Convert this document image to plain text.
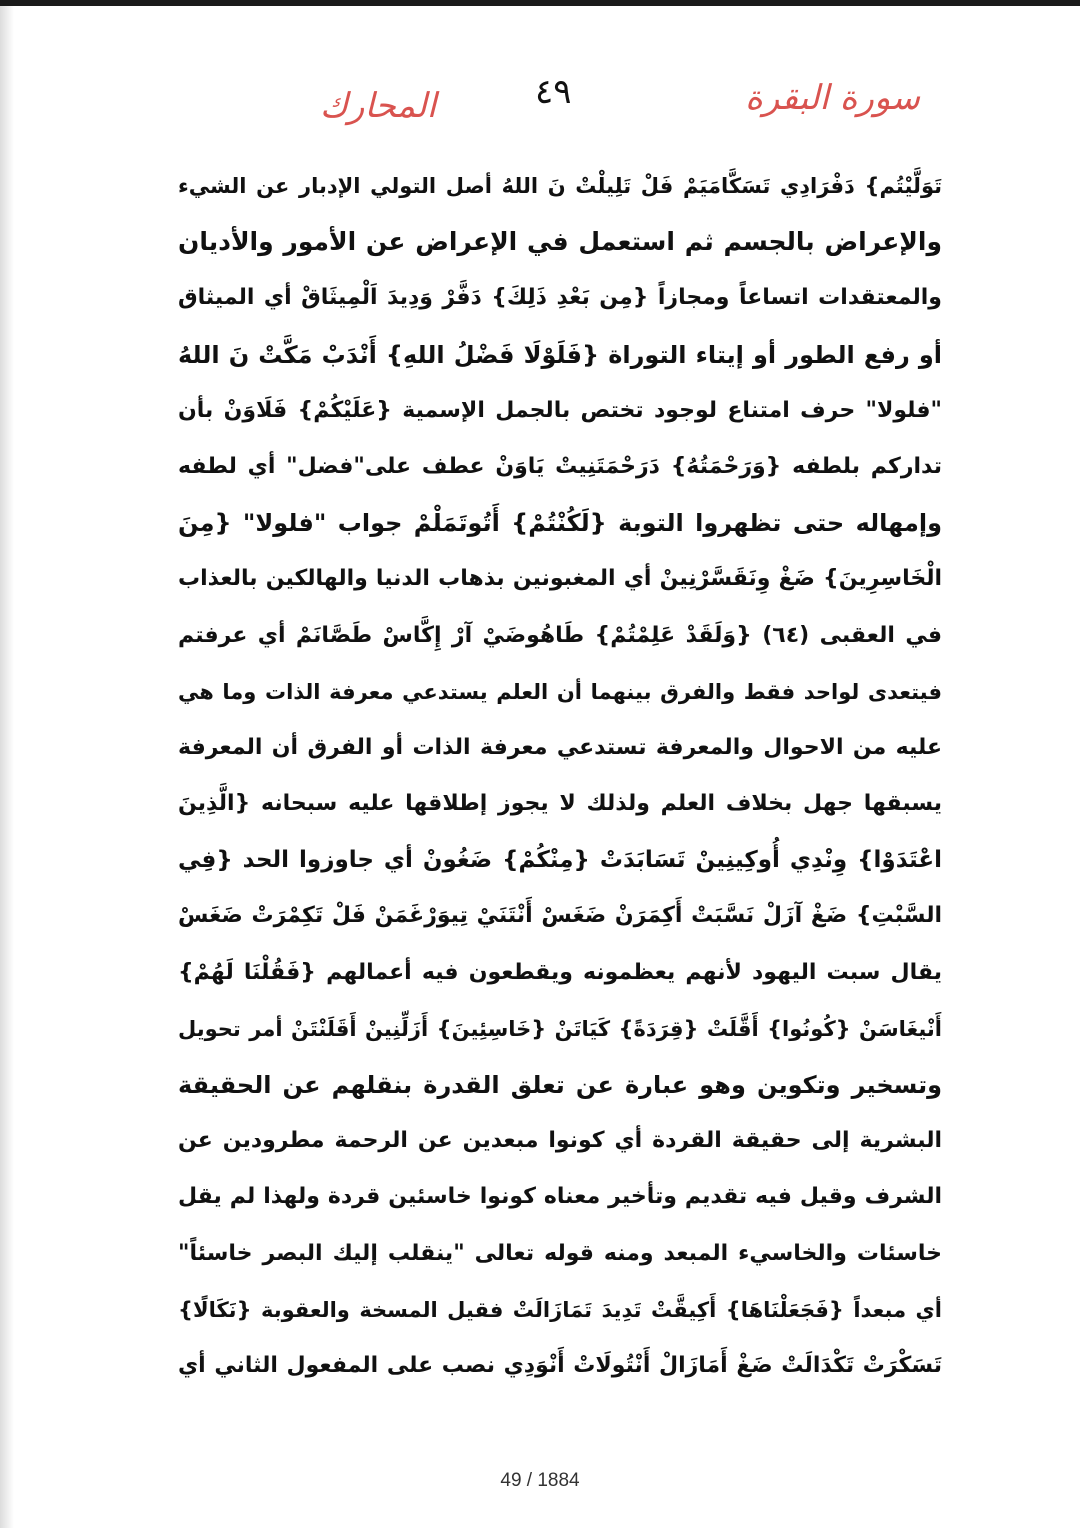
سورة البقرة
٤٩
المحارك
تَوَلَّيْتُم} دَفْرَادِي تَسَكَّامَيَمْ فَلْ تَلِيلْتْ نَ اللهُ أصل التولي الإدبار عن الشيء
والإعراض بالجسم ثم استعمل في الإعراض عن الأمور والأديان
والمعتقدات اتساعاً ومجازاً {مِن بَعْدِ ذَلِكَ} دَفَّرْ وَدِيدَ اَلْمِيثَاقْ أي الميثاق
أو رفع الطور أو إيتاء التوراة {فَلَوْلَا فَضْلُ اللهِ} أَنْدَبْ مَكَّتْ نَ اللهُ
"فلولا" حرف امتناع لوجود تختص بالجمل الإسمية {عَلَيْكُمْ} فَلَاوَنْ بأن
تداركم بلطفه {وَرَحْمَتُهُ} دَرَحْمَتَنِيتْ يَاوَنْ عطف على"فضل" أي لطفه
وإمهاله حتى تظهروا التوبة {لَكُنْتُمْ} أَتُوتَمَلْمْ جواب "فلولا" {مِنَ
الْخَاسِرِينَ} ضَغْ وِنَقَسَّرْنِينْ أي المغبونين بذهاب الدنيا والهالكين بالعذاب
في العقبى (٦٤) {وَلَقَدْ عَلِمْتُمْ} طَاهُوضَيْ آرْ إِكَّاسْ طَصَّانَمْ أي عرفتم
فيتعدى لواحد فقط والفرق بينهما أن العلم يستدعي معرفة الذات وما هي
عليه من الاحوال والمعرفة تستدعي معرفة الذات أو الفرق أن المعرفة
يسبقها جهل بخلاف العلم ولذلك لا يجوز إطلاقها عليه سبحانه {الَّذِينَ
اعْتَدَوْا} وِنْدِي أُوكِينِينْ تَسَابَدَتْ {مِنْكُمْ} ضَغُونْ أي جاوزوا الحد {فِي
السَّبْتِ} ضَغْ آزَلْ نَسَّبَتْ أَكِمَرَنْ ضَغَسْ أَنْتَنَيْ تِيوَرْغَمَنْ فَلْ تَكِمْرَتْ ضَغَسْ
يقال سبت اليهود لأنهم يعظمونه ويقطعون فيه أعمالهم {فَقُلْنَا لَهُمْ}
أَنْيغَاسَنْ {كُونُوا} أَقَّلَتْ {قِرَدَةً} كَيَاتَنْ {خَاسِئِينَ} أَزَلِّنِينْ أَقَلَنْتَنْ أمر تحويل
وتسخير وتكوين وهو عبارة عن تعلق القدرة بنقلهم عن الحقيقة
البشرية إلى حقيقة القردة أي كونوا مبعدين عن الرحمة مطرودين عن
الشرف وقيل فيه تقديم وتأخير معناه كونوا خاسئين قردة ولهذا لم يقل
خاسئات والخاسيء المبعد ومنه قوله تعالى "ينقلب إليك البصر خاسئاً"
أي مبعداً {فَجَعَلْنَاهَا} أَكِيقَّتْ تَدِيدَ تَمَازَالَتْ فقيل المسخة والعقوبة {نَكَالًا}
تَسَكْرَتْ تَكْدَالَتْ ضَغْ أَمَازَالْ أَنْتُولَاتْ أَنْوَدِي نصب على المفعول الثاني أي
49 / 1884
